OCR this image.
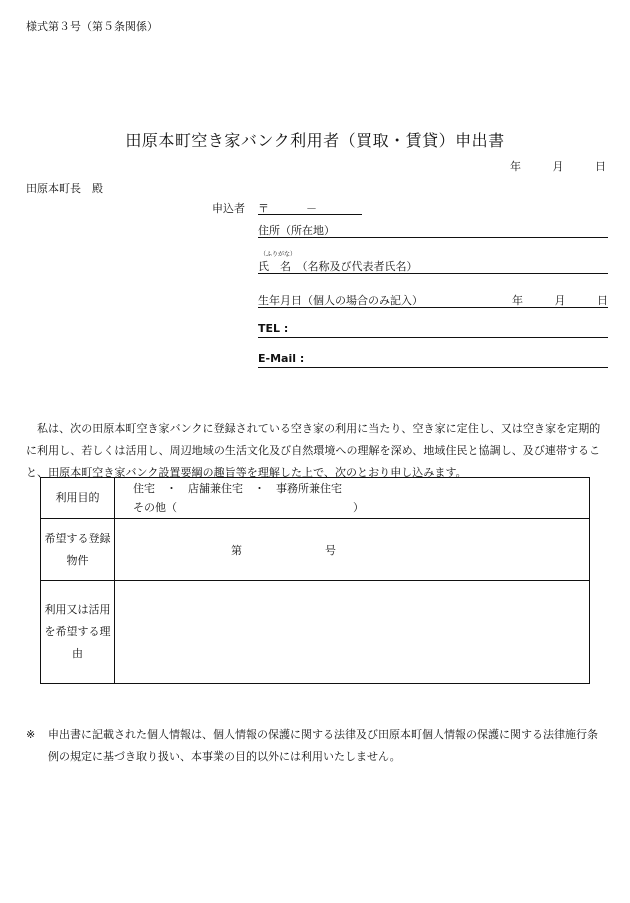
様式第３号（第５条関係）
田原本町空き家バンク利用者（買取・賃貸）申出書
年	月	日
田原本町長　殿
申込者 〒	－
住所（所在地）
（ふりがな）
氏　名　（名称及び代表者氏名）
生年月日（個人の場合のみ記入）	年	月	日
TEL :
E-Mail :
私は、次の田原本町空き家バンクに登録されている空き家の利用に当たり、空き家に定住し、又は空き家を定期的に利用し、若しくは活用し、周辺地域の生活文化及び自然環境への理解を深め、地域住民と協調し、及び連帯すること、田原本町空き家バンク設置要綱の趣旨等を理解した上で、次のとおり申し込みます。
利用目的	住宅　・　店舗兼住宅　・　事務所兼住宅
その他（ ）

希望する登録物件	第 号

利用又は活用を希望する理由	
※	申出書に記載された個人情報は、個人情報の保護に関する法律及び田原本町個人情報の保護に関する法律施行条例の規定に基づき取り扱い、本事業の目的以外には利用いたしません。
